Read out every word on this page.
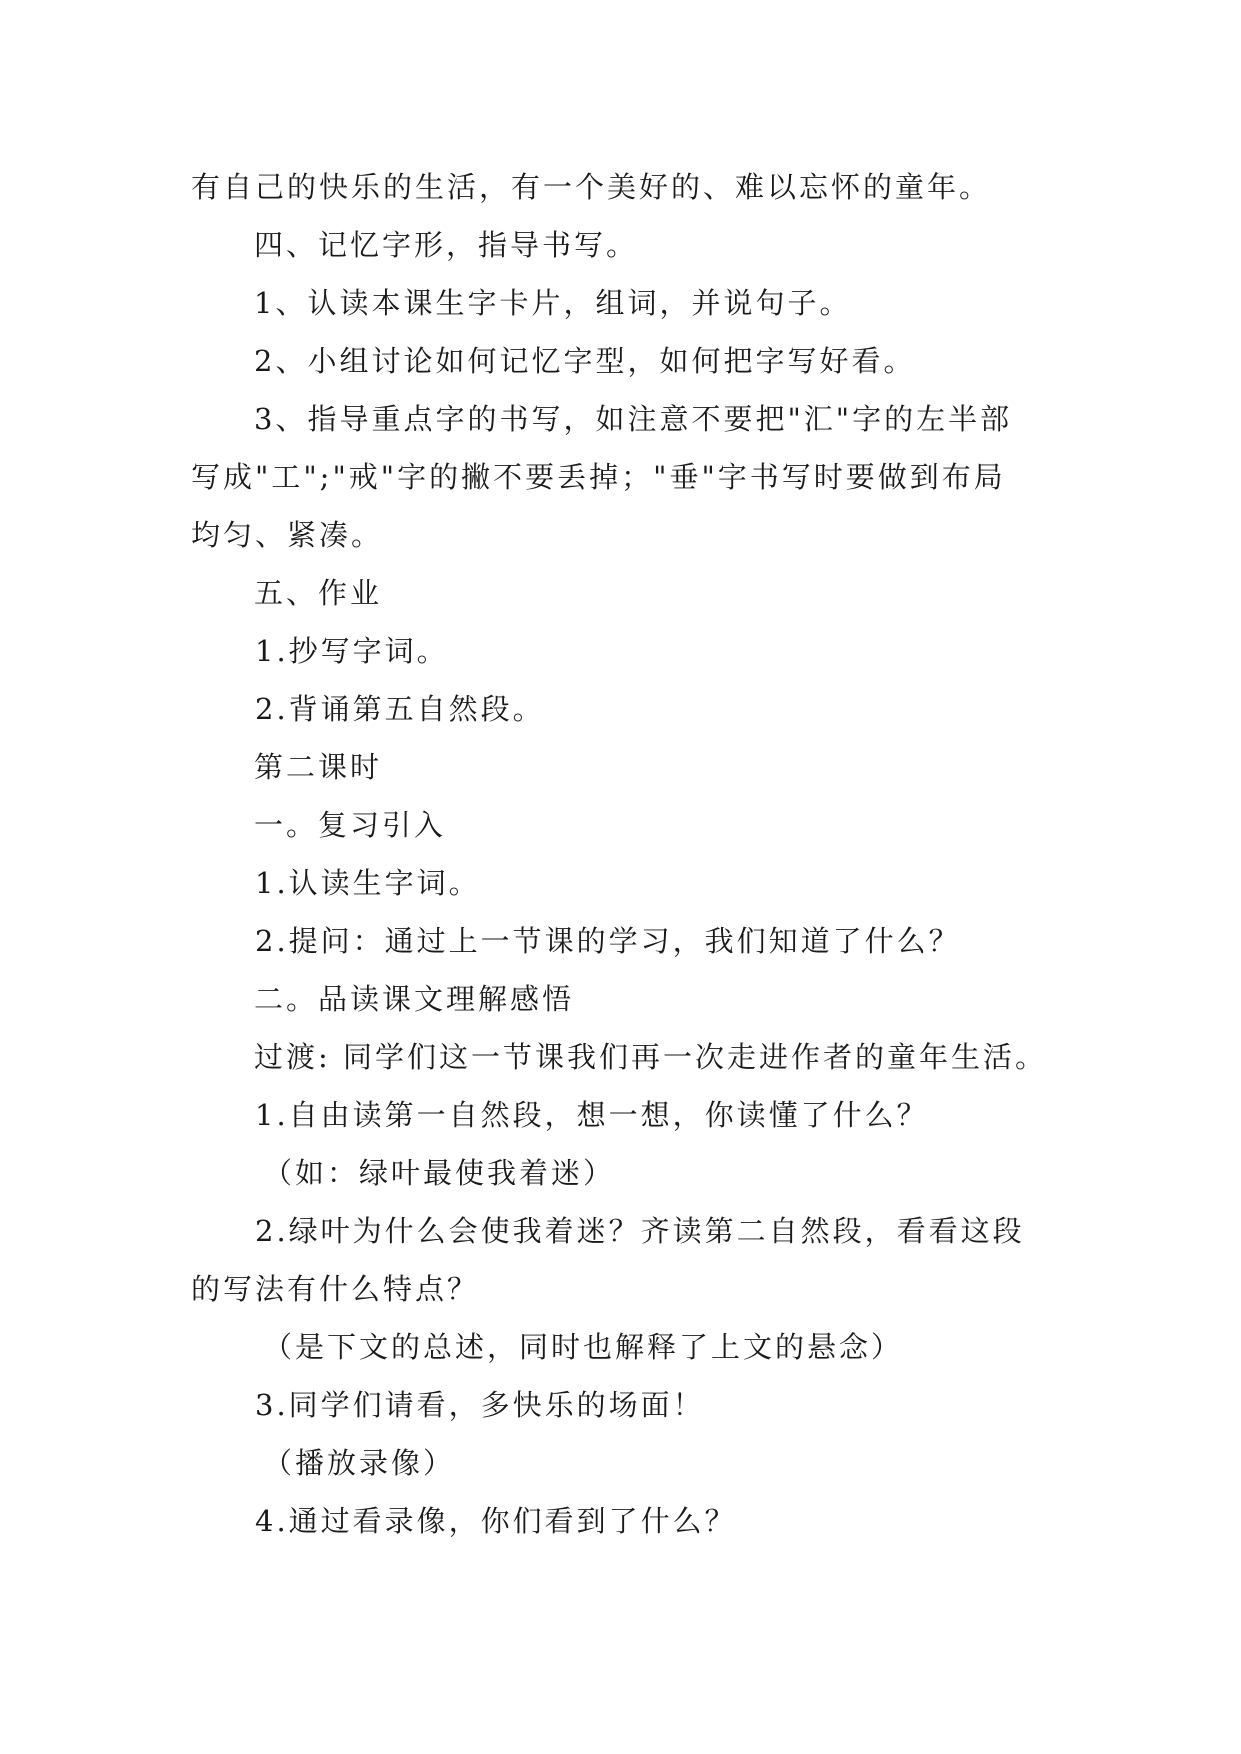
有自己的快乐的生活，有一个美好的、难以忘怀的童年。
四、记忆字形，指导书写。
1、认读本课生字卡片，组词，并说句子。
2、小组讨论如何记忆字型，如何把字写好看。
3、指导重点字的书写，如注意不要把"汇"字的左半部
写成"工";"戒"字的撇不要丢掉；"垂"字书写时要做到布局
均匀、紧凑。
五、作业
1.抄写字词。
2.背诵第五自然段。
第二课时
一。复习引入
1.认读生字词。
2.提问：通过上一节课的学习，我们知道了什么？
二。品读课文理解感悟
过渡: 同学们这一节课我们再一次走进作者的童年生活。
1.自由读第一自然段，想一想，你读懂了什么？
（如：绿叶最使我着迷）
2.绿叶为什么会使我着迷？齐读第二自然段，看看这段
的写法有什么特点？
（是下文的总述，同时也解释了上文的悬念）
3.同学们请看，多快乐的场面！
（播放录像）
4.通过看录像，你们看到了什么？
